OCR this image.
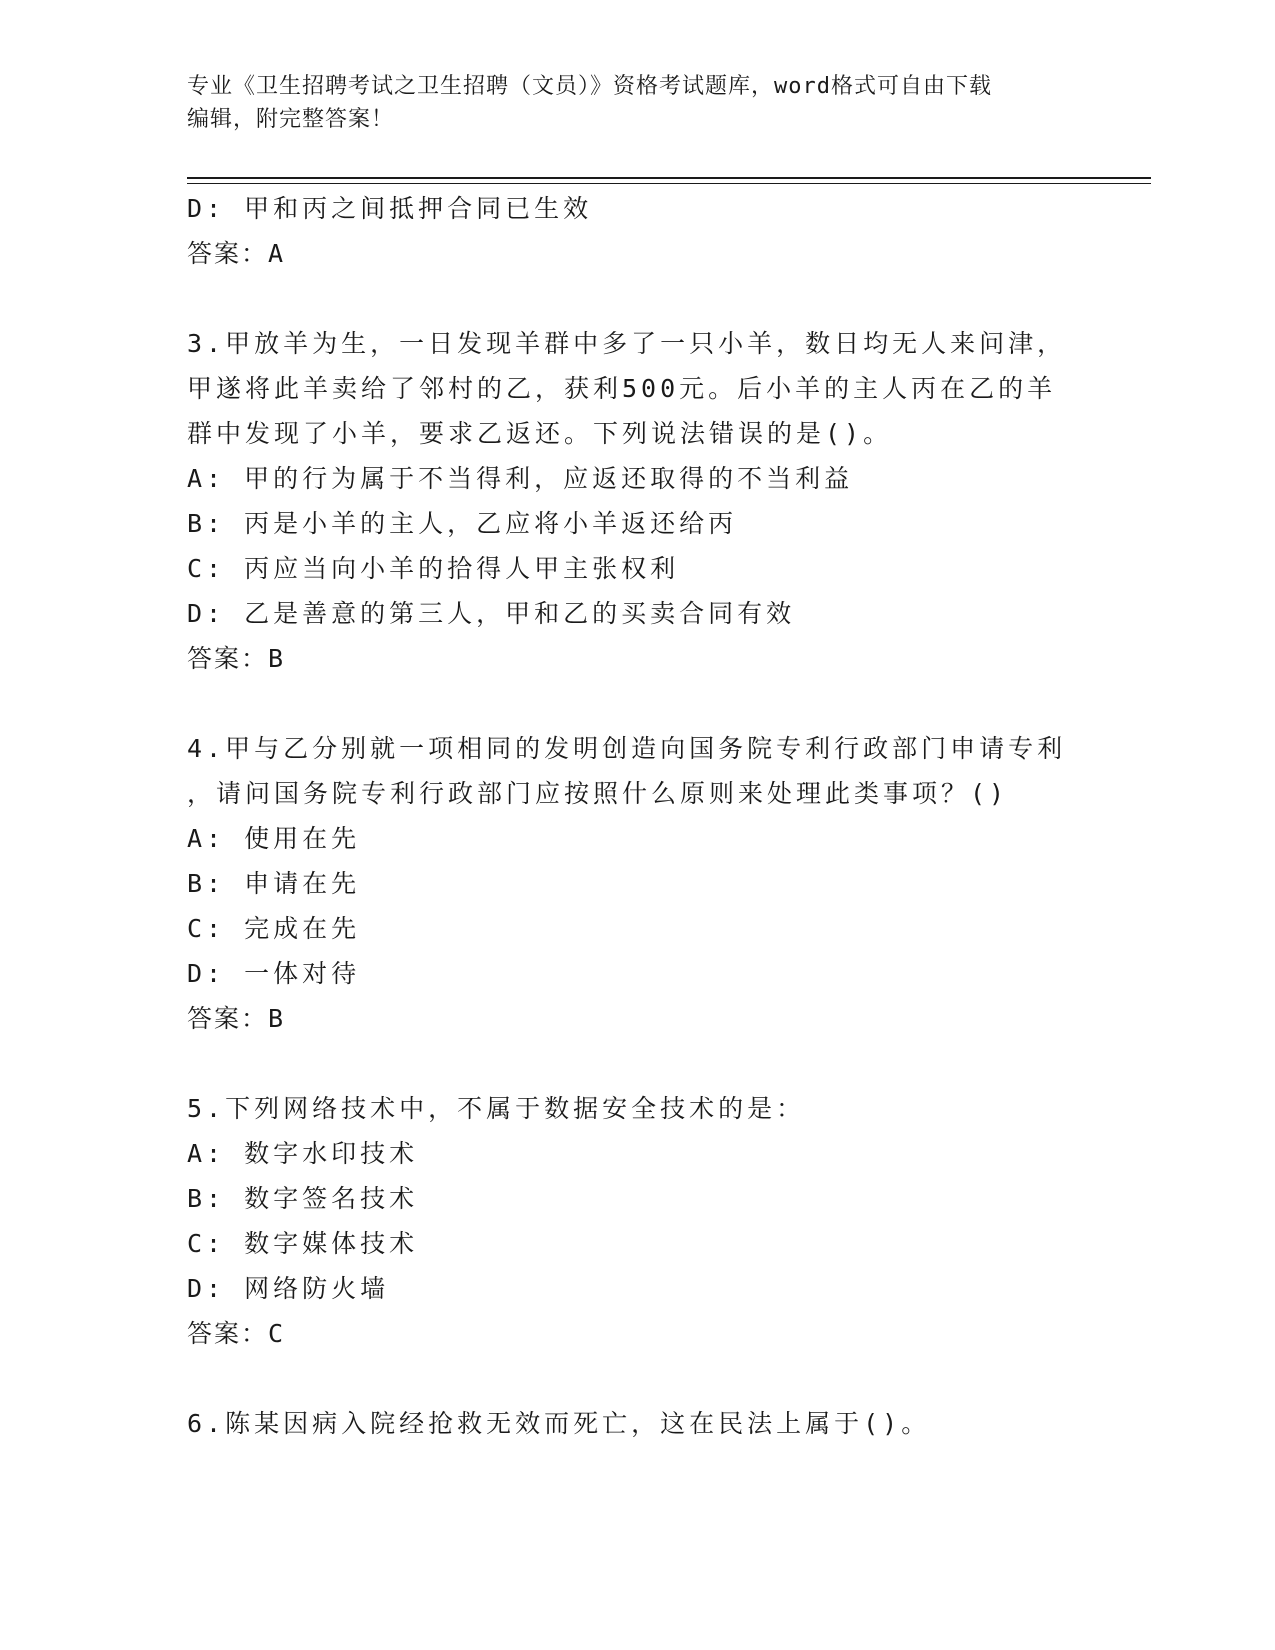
专业《卫生招聘考试之卫生招聘（文员）》资格考试题库，word格式可自由下载
编辑，附完整答案！
D: 甲和丙之间抵押合同已生效
答案：A
3.甲放羊为生，一日发现羊群中多了一只小羊，数日均无人来问津，
甲遂将此羊卖给了邻村的乙，获利500元。后小羊的主人丙在乙的羊
群中发现了小羊，要求乙返还。下列说法错误的是()。
A: 甲的行为属于不当得利，应返还取得的不当利益
B: 丙是小羊的主人，乙应将小羊返还给丙
C: 丙应当向小羊的拾得人甲主张权利
D: 乙是善意的第三人，甲和乙的买卖合同有效
答案：B
4.甲与乙分别就一项相同的发明创造向国务院专利行政部门申请专利
，请问国务院专利行政部门应按照什么原则来处理此类事项？()
A: 使用在先
B: 申请在先
C: 完成在先
D: 一体对待
答案：B
5.下列网络技术中，不属于数据安全技术的是：
A: 数字水印技术
B: 数字签名技术
C: 数字媒体技术
D: 网络防火墙
答案：C
6.陈某因病入院经抢救无效而死亡，这在民法上属于()。
